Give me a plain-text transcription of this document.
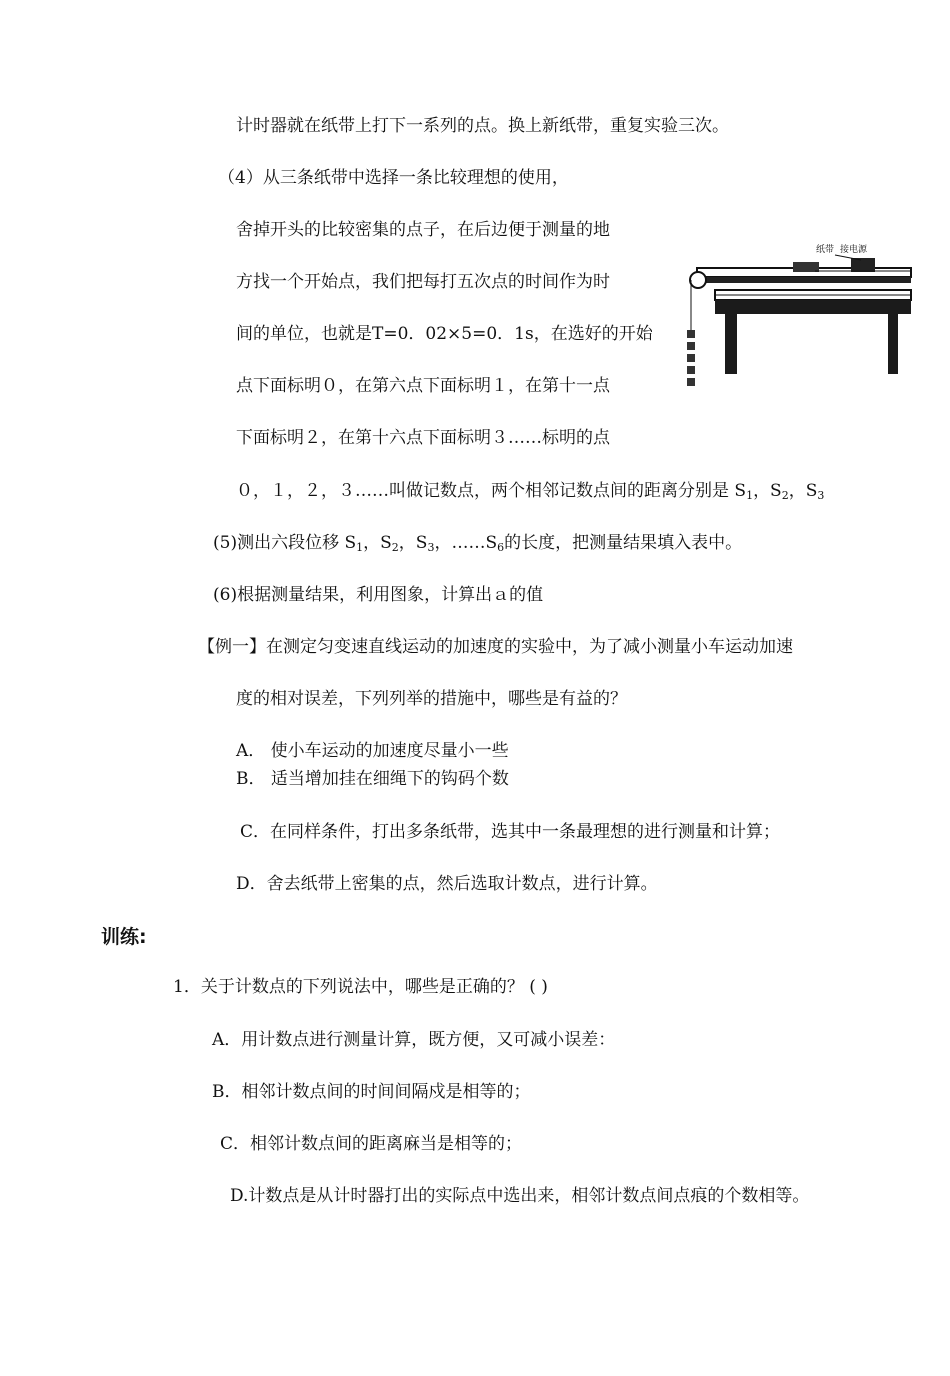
计时器就在纸带上打下一系列的点。换上新纸带，重复实验三次。
（4）从三条纸带中选择一条比较理想的使用，
舍掉开头的比较密集的点子，在后边便于测量的地
方找一个开始点，我们把每打五次点的时间作为时
间的单位，也就是T=0．02×5=0．1s，在选好的开始
点下面标明０，在第六点下面标明１，在第十一点
下面标明２，在第十六点下面标明３……标明的点
０，１，２，３……叫做记数点，两个相邻记数点间的距离分别是 $S_1$，$S_2$，$S_3$
(5)测出六段位移 $S_1$，$S_2$，$S_3$，$\dots\dots S_6$的长度，把测量结果填入表中。
(6)根据测量结果，利用图象，计算出ａ的值
【例一】在测定匀变速直线运动的加速度的实验中，为了减小测量小车运动加速
度的相对误差，下列列举的措施中，哪些是有益的？
A． 使小车运动的加速度尽量小一些
B． 适当增加挂在细绳下的钩码个数
C．在同样条件，打出多条纸带，选其中一条最理想的进行测量和计算；
D．舍去纸带上密集的点，然后选取计数点，进行计算。
训练:
1．关于计数点的下列说法中，哪些是正确的？ ( )
A．用计数点进行测量计算，既方便，又可减小误差：
B．相邻计数点间的时间间隔戍是相等的；
C．相邻计数点间的距离麻当是相等的；
D.计数点是从计时器打出的实际点中选出来，相邻计数点间点痕的个数相等。
纸带 接电源
